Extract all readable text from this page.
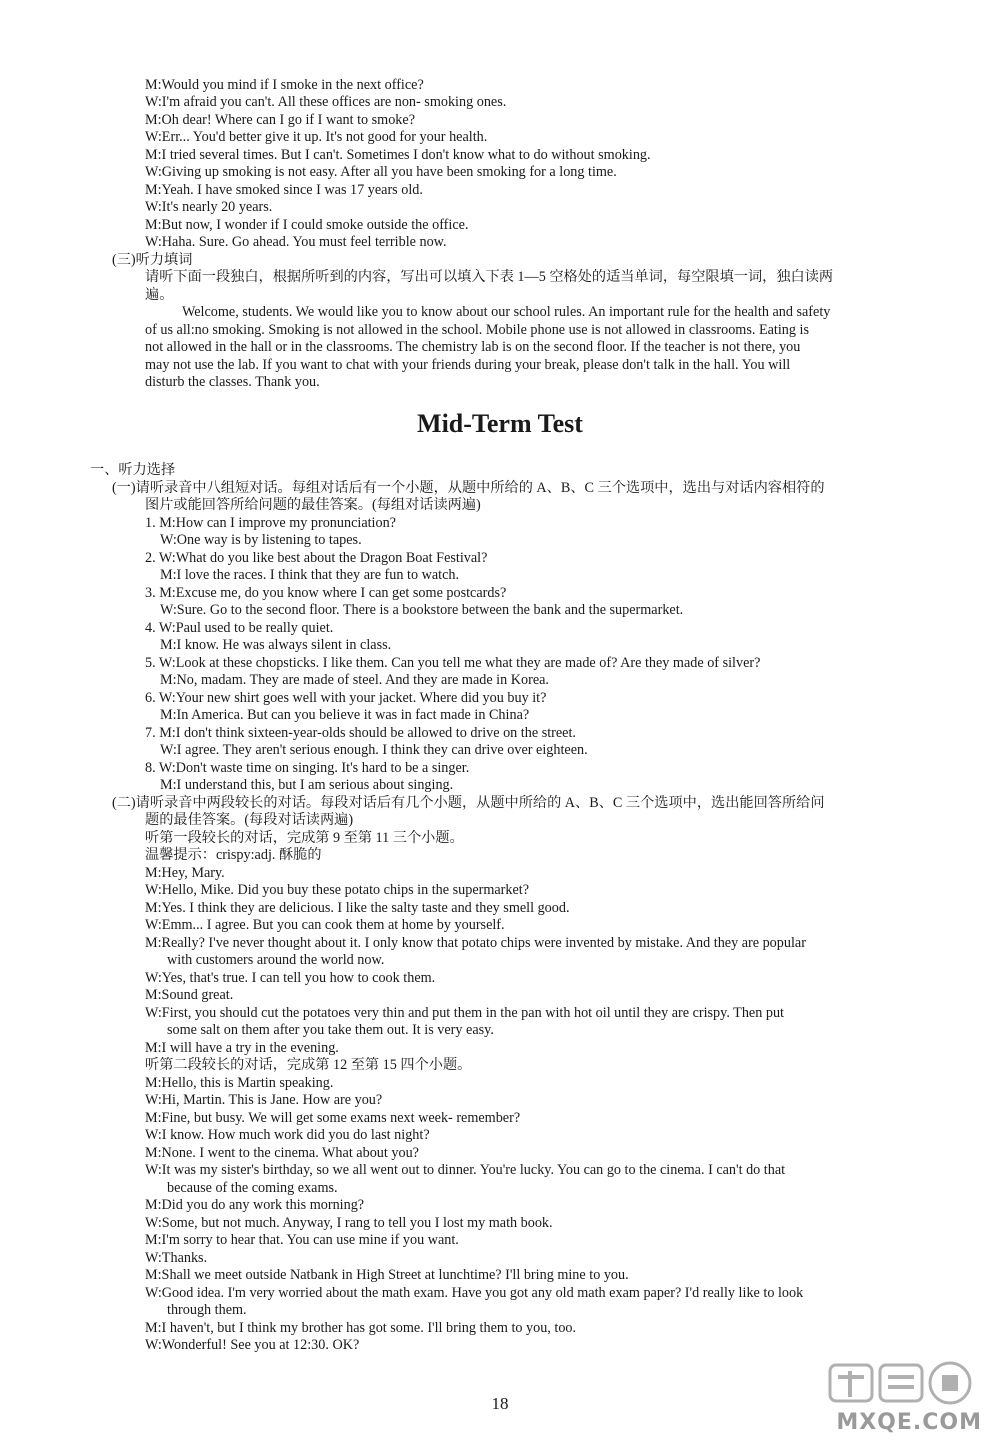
M:Would you mind if I smoke in the next office?
W:I'm afraid you can't. All these offices are non- smoking ones.
M:Oh dear! Where can I go if I want to smoke?
W:Err... You'd better give it up. It's not good for your health.
M:I tried several times. But I can't. Sometimes I don't know what to do without smoking.
W:Giving up smoking is not easy. After all you have been smoking for a long time.
M:Yeah. I have smoked since I was 17 years old.
W:It's nearly 20 years.
M:But now, I wonder if I could smoke outside the office.
W:Haha. Sure. Go ahead. You must feel terrible now.
(三)听力填词
请听下面一段独白，根据所听到的内容，写出可以填入下表 1—5 空格处的适当单词，每空限填一词，独白读两
遍。
Welcome, students. We would like you to know about our school rules. An important rule for the health and safety
of us all:no smoking. Smoking is not allowed in the school. Mobile phone use is not allowed in classrooms. Eating is
not allowed in the hall or in the classrooms. The chemistry lab is on the second floor. If the teacher is not there, you
may not use the lab. If you want to chat with your friends during your break, please don't talk in the hall. You will
disturb the classes. Thank you.
Mid-Term Test
一、听力选择
(一)请听录音中八组短对话。每组对话后有一个小题，从题中所给的 A、B、C 三个选项中，选出与对话内容相符的
图片或能回答所给问题的最佳答案。(每组对话读两遍)
1. M:How can I improve my pronunciation?
W:One way is by listening to tapes.
2. W:What do you like best about the Dragon Boat Festival?
M:I love the races. I think that they are fun to watch.
3. M:Excuse me, do you know where I can get some postcards?
W:Sure. Go to the second floor. There is a bookstore between the bank and the supermarket.
4. W:Paul used to be really quiet.
M:I know. He was always silent in class.
5. W:Look at these chopsticks. I like them. Can you tell me what they are made of? Are they made of silver?
M:No, madam. They are made of steel. And they are made in Korea.
6. W:Your new shirt goes well with your jacket. Where did you buy it?
M:In America. But can you believe it was in fact made in China?
7. M:I don't think sixteen-year-olds should be allowed to drive on the street.
W:I agree. They aren't serious enough. I think they can drive over eighteen.
8. W:Don't waste time on singing. It's hard to be a singer.
M:I understand this, but I am serious about singing.
(二)请听录音中两段较长的对话。每段对话后有几个小题，从题中所给的 A、B、C 三个选项中，选出能回答所给问
题的最佳答案。(每段对话读两遍)
听第一段较长的对话，完成第 9 至第 11 三个小题。
温馨提示：crispy:adj. 酥脆的
M:Hey, Mary.
W:Hello, Mike. Did you buy these potato chips in the supermarket?
M:Yes. I think they are delicious. I like the salty taste and they smell good.
W:Emm... I agree. But you can cook them at home by yourself.
M:Really? I've never thought about it. I only know that potato chips were invented by mistake. And they are popular
with customers around the world now.
W:Yes, that's true. I can tell you how to cook them.
M:Sound great.
W:First, you should cut the potatoes very thin and put them in the pan with hot oil until they are crispy. Then put
some salt on them after you take them out. It is very easy.
M:I will have a try in the evening.
听第二段较长的对话，完成第 12 至第 15 四个小题。
M:Hello, this is Martin speaking.
W:Hi, Martin. This is Jane. How are you?
M:Fine, but busy. We will get some exams next week- remember?
W:I know. How much work did you do last night?
M:None. I went to the cinema. What about you?
W:It was my sister's birthday, so we all went out to dinner. You're lucky. You can go to the cinema. I can't do that
because of the coming exams.
M:Did you do any work this morning?
W:Some, but not much. Anyway, I rang to tell you I lost my math book.
M:I'm sorry to hear that. You can use mine if you want.
W:Thanks.
M:Shall we meet outside Natbank in High Street at lunchtime? I'll bring mine to you.
W:Good idea. I'm very worried about the math exam. Have you got any old math exam paper? I'd really like to look
through them.
M:I haven't, but I think my brother has got some. I'll bring them to you, too.
W:Wonderful! See you at 12:30. OK?
18
MXQE.COM
